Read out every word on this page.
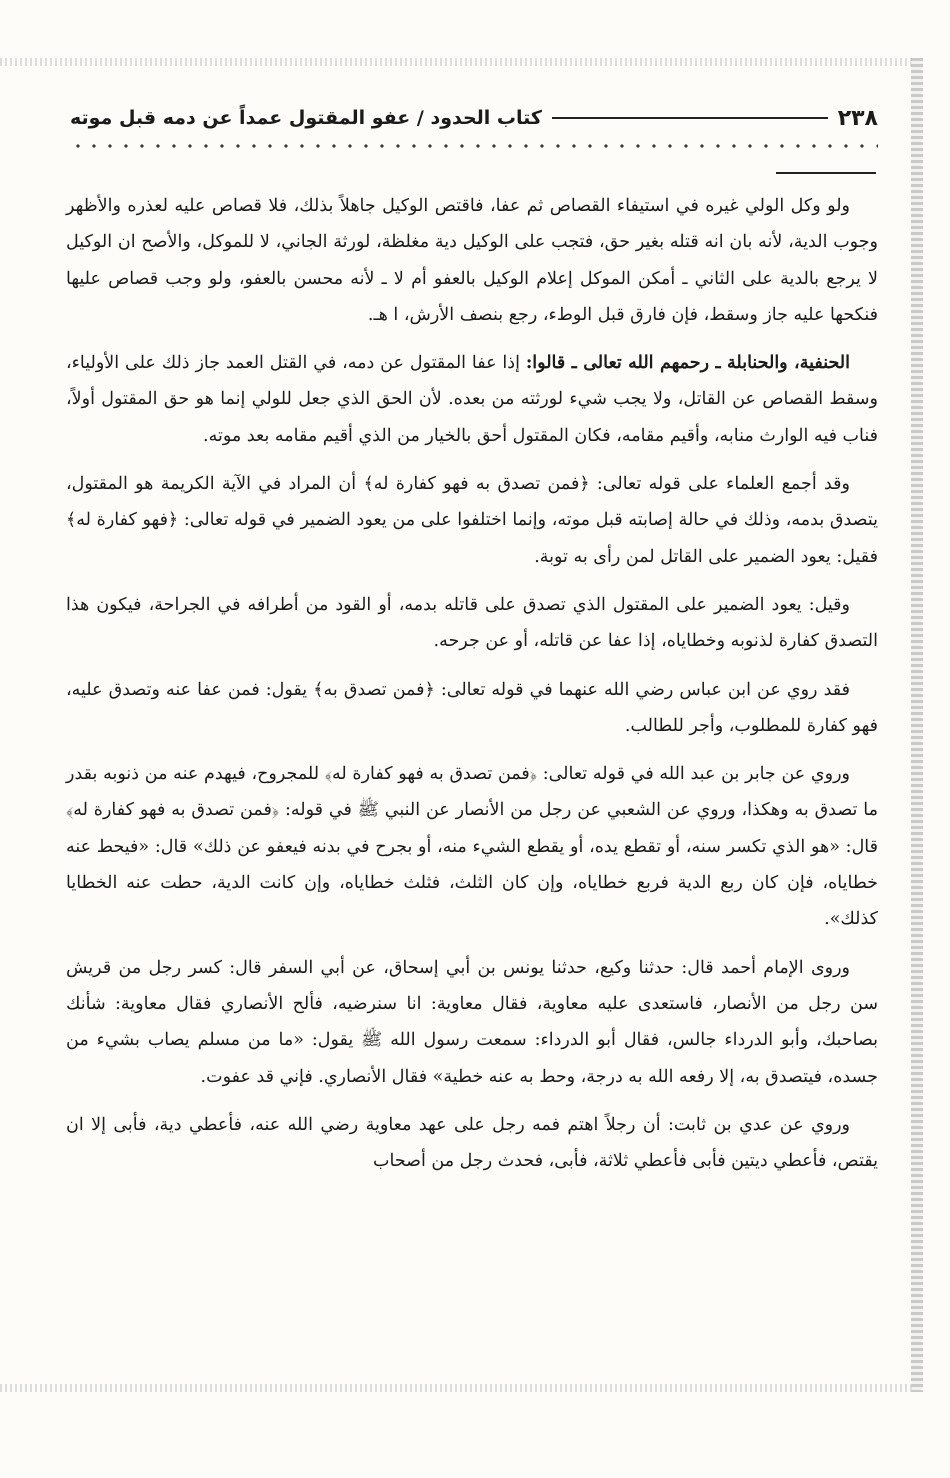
٢٣٨
كتاب الحدود / عفو المقتول عمداً عن دمه قبل موته

ولو وكل الولي غيره في استيفاء القصاص ثم عفا، فاقتص الوكيل جاهلاً بذلك، فلا قصاص عليه لعذره والأظهر وجوب الدية، لأنه بان انه قتله بغير حق، فتجب على الوكيل دية مغلظة، لورثة الجاني، لا للموكل، والأصح ان الوكيل لا يرجع بالدية على الثاني ـ أمكن الموكل إعلام الوكيل بالعفو أم لا ـ لأنه محسن بالعفو، ولو وجب قصاص عليها فنكحها عليه جاز وسقط، فإن فارق قبل الوطء، رجع بنصف الأرش، ا هـ.

الحنفية، والحنابلة ـ رحمهم الله تعالى ـ قالوا: إذا عفا المقتول عن دمه، في القتل العمد جاز ذلك على الأولياء، وسقط القصاص عن القاتل، ولا يجب شيء لورثته من بعده. لأن الحق الذي جعل للولي إنما هو حق المقتول أولاً، فناب فيه الوارث منابه، وأقيم مقامه، فكان المقتول أحق بالخيار من الذي أقيم مقامه بعد موته.

وقد أجمع العلماء على قوله تعالى: ﴿فمن تصدق به فهو كفارة له﴾ أن المراد في الآية الكريمة هو المقتول، يتصدق بدمه، وذلك في حالة إصابته قبل موته، وإنما اختلفوا على من يعود الضمير في قوله تعالى: ﴿فهو كفارة له﴾ فقيل: يعود الضمير على القاتل لمن رأى به توبة.

وقيل: يعود الضمير على المقتول الذي تصدق على قاتله بدمه، أو القود من أطرافه في الجراحة، فيكون هذا التصدق كفارة لذنوبه وخطاياه، إذا عفا عن قاتله، أو عن جرحه.

فقد روي عن ابن عباس رضي الله عنهما في قوله تعالى: ﴿فمن تصدق به﴾ يقول: فمن عفا عنه وتصدق عليه، فهو كفارة للمطلوب، وأجر للطالب.

وروي عن جابر بن عبد الله في قوله تعالى: ﴿فمن تصدق به فهو كفارة له﴾ للمجروح، فيهدم عنه من ذنوبه بقدر ما تصدق به وهكذا، وروي عن الشعبي عن رجل من الأنصار عن النبي ﷺ في قوله: ﴿فمن تصدق به فهو كفارة له﴾قال: «هو الذي تكسر سنه، أو تقطع يده، أو يقطع الشيء منه، أو بجرح في بدنه فيعفو عن ذلك» قال: «فيحط عنه خطاياه، فإن كان ربع الدية فربع خطاياه، وإن كان الثلث، فثلث خطاياه، وإن كانت الدية، حطت عنه الخطايا كذلك».

وروى الإمام أحمد قال: حدثنا وكيع، حدثنا يونس بن أبي إسحاق، عن أبي السفر قال: كسر رجل من قريش سن رجل من الأنصار، فاستعدى عليه معاوية، فقال معاوية: انا سنرضيه، فألح الأنصاري فقال معاوية: شأنك بصاحبك، وأبو الدرداء جالس، فقال أبو الدرداء: سمعت رسول الله ﷺ يقول: «ما من مسلم يصاب بشيء من جسده، فيتصدق به، إلا رفعه الله به درجة، وحط به عنه خطية» فقال الأنصاري. فإني قد عفوت.

وروي عن عدي بن ثابت: أن رجلاً اهتم فمه رجل على عهد معاوية رضي الله عنه، فأعطي دية، فأبى إلا ان يقتص، فأعطي ديتين فأبى فأعطي ثلاثة، فأبى، فحدث رجل من أصحاب
